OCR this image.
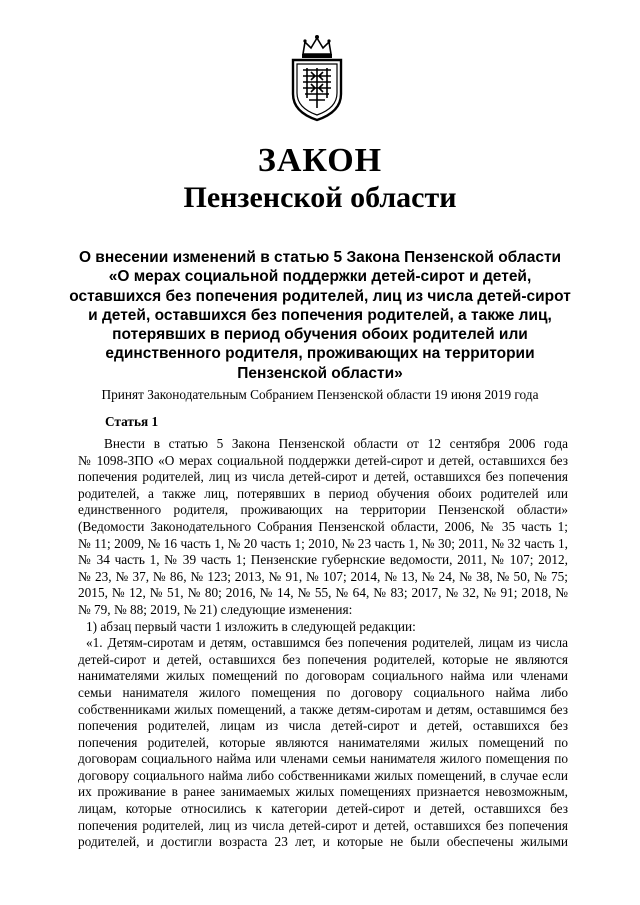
ЗАКОН
Пензенской области
О внесении изменений в статью 5 Закона Пензенской области
«О мерах социальной поддержки детей-сирот и детей,
оставшихся без попечения родителей, лиц из числа детей-сирот
и детей, оставшихся без попечения родителей, а также лиц,
потерявших в период обучения обоих родителей или
единственного родителя, проживающих на территории
Пензенской области»
Принят Законодательным Собранием Пензенской области 19 июня 2019 года
Статья 1
Внести в статью 5 Закона Пензенской области от 12 сентября 2006 года
№ 1098-ЗПО «О мерах социальной поддержки детей-сирот и детей, оставшихся без
попечения родителей, лиц из числа детей-сирот и детей, оставшихся без попечения
родителей, а также лиц, потерявших в период обучения обоих родителей или
единственного родителя, проживающих на территории Пензенской области»
(Ведомости Законодательного Собрания Пензенской области, 2006, № 35 часть 1;
№ 11; 2009, № 16 часть 1, № 20 часть 1; 2010, № 23 часть 1, № 30; 2011, № 32 часть 1,
№ 34 часть 1, № 39 часть 1; Пензенские губернские ведомости, 2011, № 107; 2012,
№ 23, № 37, № 86, № 123; 2013, № 91, № 107; 2014, № 13, № 24, № 38, № 50, № 75;
2015, № 12, № 51, № 80; 2016, № 14, № 55, № 64, № 83; 2017, № 32, № 91; 2018, №
№ 79, № 88; 2019, № 21) следующие изменения:
1) абзац первый части 1 изложить в следующей редакции:
«1. Детям-сиротам и детям, оставшимся без попечения родителей, лицам из числа
детей-сирот и детей, оставшихся без попечения родителей, которые не являются
нанимателями жилых помещений по договорам социального найма или членами
семьи нанимателя жилого помещения по договору социального найма либо
собственниками жилых помещений, а также детям-сиротам и детям, оставшимся без
попечения родителей, лицам из числа детей-сирот и детей, оставшихся без
попечения родителей, которые являются нанимателями жилых помещений по
договорам социального найма или членами семьи нанимателя жилого помещения по
договору социального найма либо собственниками жилых помещений, в случае если
их проживание в ранее занимаемых жилых помещениях признается невозможным,
лицам, которые относились к категории детей-сирот и детей, оставшихся без
попечения родителей, лиц из числа детей-сирот и детей, оставшихся без попечения
родителей, и достигли возраста 23 лет, и которые не были обеспечены жилыми
